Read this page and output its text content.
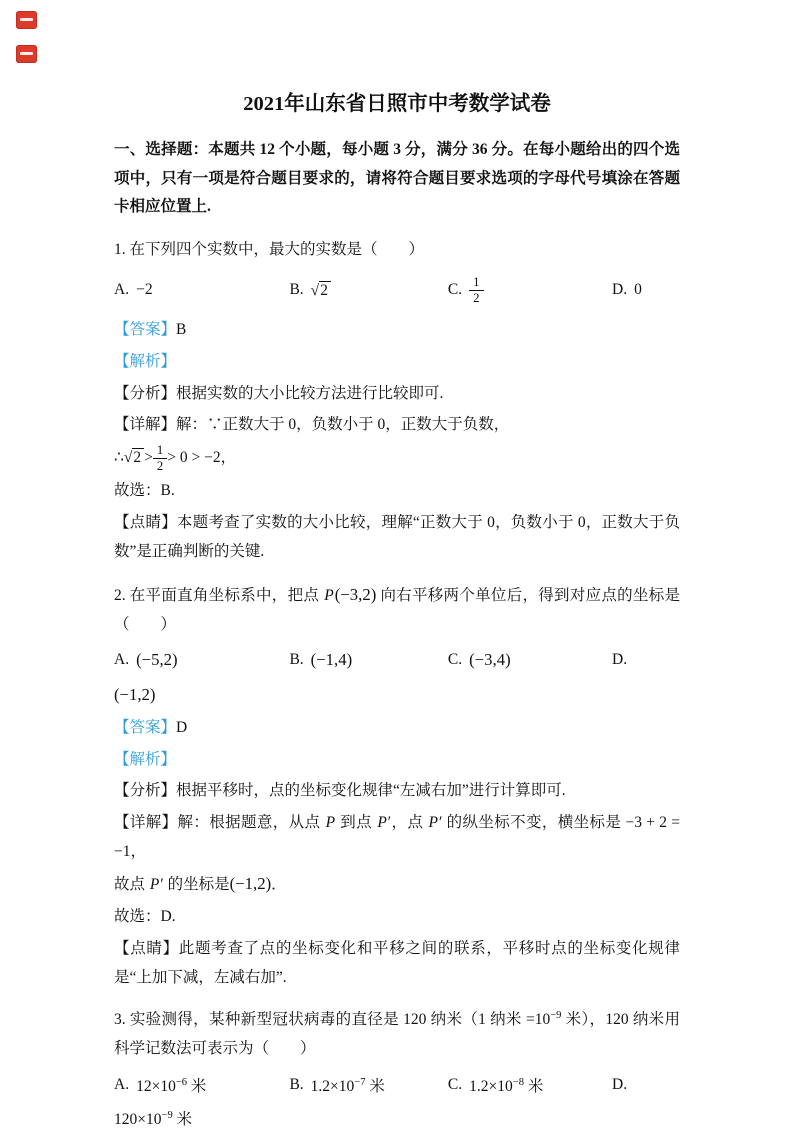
2021年山东省日照市中考数学试卷

一、选择题：本题共 12 个小题，每小题 3 分，满分 36 分。在每小题给出的四个选项中，只有一项是符合题目要求的，请将符合题目要求选项的字母代号填涂在答题卡相应位置上.

1. 在下列四个实数中，最大的实数是（　　）

A. −2	B. √2	C. $\frac{1}{2}$	D. 0

【答案】B

【解析】

【分析】根据实数的大小比较方法进行比较即可.

【详解】解：∵正数大于 0，负数小于 0，正数大于负数，

∴ $√2 > \frac{1}{2} > 0 > -2$，

故选：B.

【点睛】本题考查了实数的大小比较，理解“正数大于 0，负数小于 0，正数大于负数”是正确判断的关键.

2. 在平面直角坐标系中，把点 P(−3,2) 向右平移两个单位后，得到对应点的坐标是（　　）

A. (−5,2)	B. (−1,4)	C. (−3,4)	D.

(−1,2)

【答案】D

【解析】

【分析】根据平移时，点的坐标变化规律“左减右加”进行计算即可.

【详解】解：根据题意，从点 P 到点 P′，点 P′ 的纵坐标不变，横坐标是 −3 + 2 = −1，

故点 P′ 的坐标是(−1,2)．

故选：D.

【点睛】此题考查了点的坐标变化和平移之间的联系，平移时点的坐标变化规律是“上加下减，左减右加”.

3. 实验测得，某种新型冠状病毒的直径是 120 纳米（1 纳米 $=10^{-9}$ 米），120 纳米用科学记数法可表示为（　　）

A. $12\times 10^{-6}$ 米	B. $1.2\times 10^{-7}$ 米	C. $1.2\times 10^{-8}$ 米	D.

$120\times 10^{-9}$ 米
